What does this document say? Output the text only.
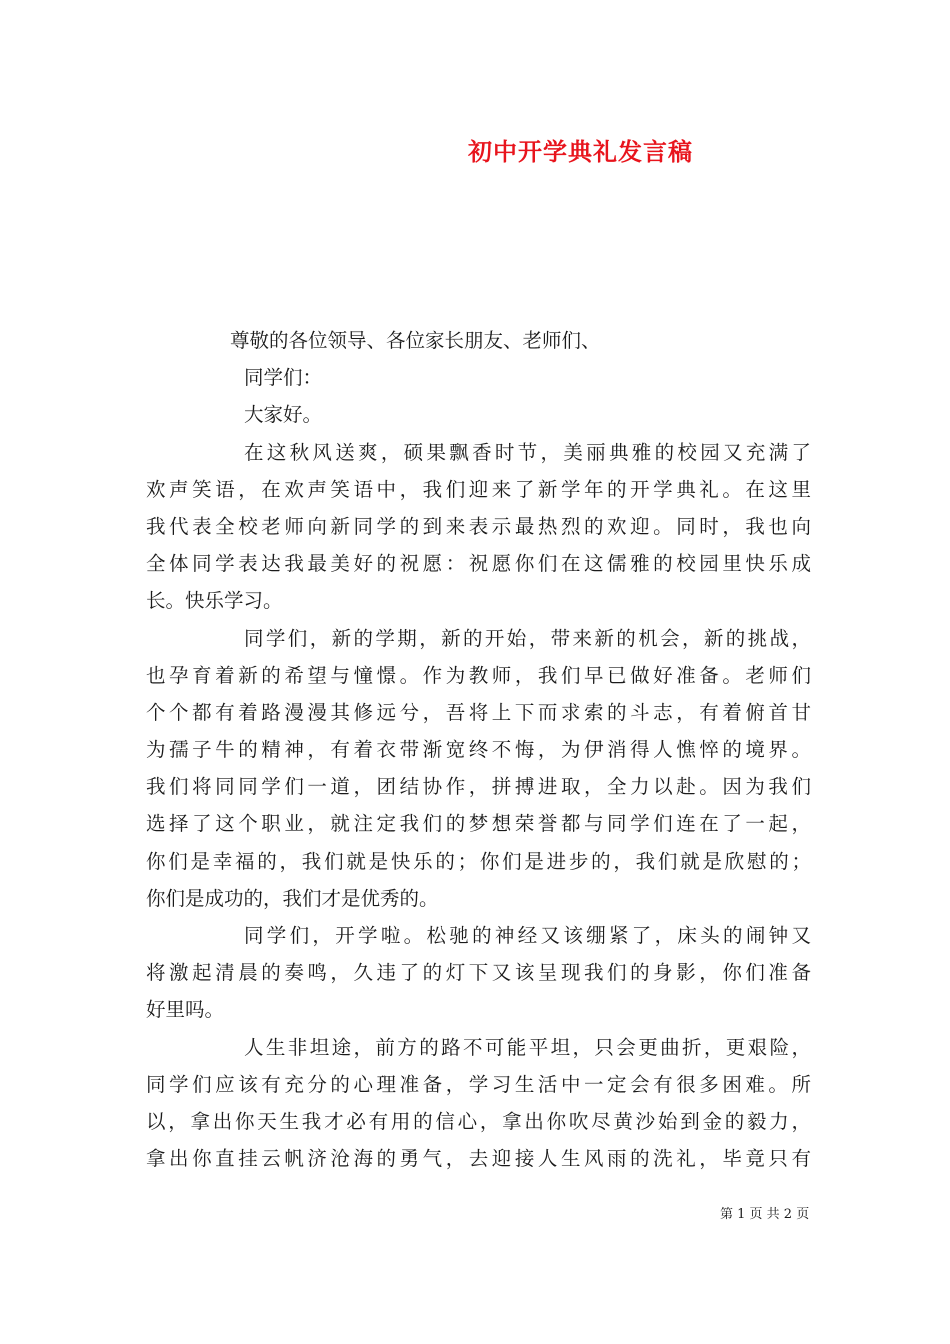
初中开学典礼发言稿
尊敬的各位领导、各位家长朋友、老师们、
同学们：
大家好。
在这秋风送爽，硕果飘香时节，美丽典雅的校园又充满了
欢声笑语，在欢声笑语中，我们迎来了新学年的开学典礼。在这里
我代表全校老师向新同学的到来表示最热烈的欢迎。同时，我也向
全体同学表达我最美好的祝愿：祝愿你们在这儒雅的校园里快乐成
长。快乐学习。
同学们，新的学期，新的开始，带来新的机会，新的挑战，
也孕育着新的希望与憧憬。作为教师，我们早已做好准备。老师们
个个都有着路漫漫其修远兮，吾将上下而求索的斗志，有着俯首甘
为孺子牛的精神，有着衣带渐宽终不悔，为伊消得人憔悴的境界。
我们将同同学们一道，团结协作，拼搏进取，全力以赴。因为我们
选择了这个职业，就注定我们的梦想荣誉都与同学们连在了一起，
你们是幸福的，我们就是快乐的；你们是进步的，我们就是欣慰的；
你们是成功的，我们才是优秀的。
同学们，开学啦。松驰的神经又该绷紧了，床头的闹钟又
将激起清晨的奏鸣，久违了的灯下又该呈现我们的身影，你们准备
好里吗。
人生非坦途，前方的路不可能平坦，只会更曲折，更艰险，
同学们应该有充分的心理准备，学习生活中一定会有很多困难。所
以，拿出你天生我才必有用的信心，拿出你吹尽黄沙始到金的毅力，
拿出你直挂云帆济沧海的勇气，去迎接人生风雨的洗礼，毕竟只有
第 1 页 共 2 页
